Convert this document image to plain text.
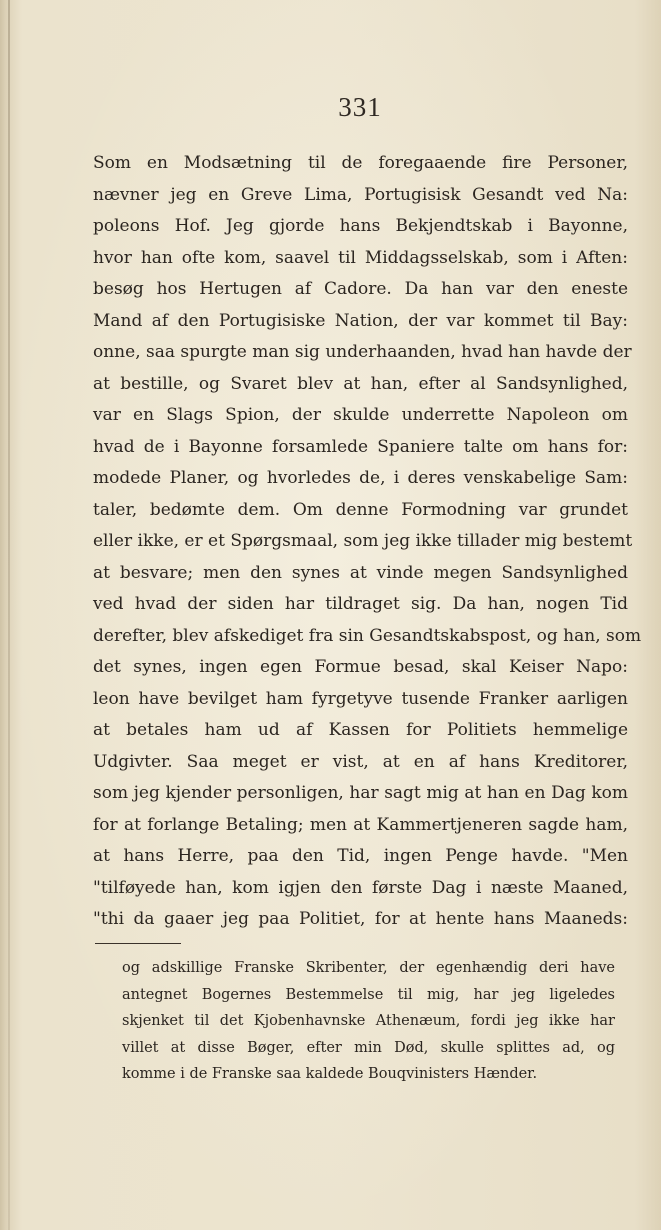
331
Som en Modsætning til de foregaaende fire Personer,
nævner jeg en Greve Lima, Portugisisk Gesandt ved Na:
poleons Hof. Jeg gjorde hans Bekjendtskab i Bayonne,
hvor han ofte kom, saavel til Middagsselskab, som i Aften:
besøg hos Hertugen af Cadore. Da han var den eneste
Mand af den Portugisiske Nation, der var kommet til Bay:
onne, saa spurgte man sig underhaanden, hvad han havde der
at bestille, og Svaret blev at han, efter al Sandsynlighed,
var en Slags Spion, der skulde underrette Napoleon om
hvad de i Bayonne forsamlede Spaniere talte om hans for:
modede Planer, og hvorledes de, i deres venskabelige Sam:
taler, bedømte dem. Om denne Formodning var grundet
eller ikke, er et Spørgsmaal, som jeg ikke tillader mig bestemt
at besvare; men den synes at vinde megen Sandsynlighed
ved hvad der siden har tildraget sig. Da han, nogen Tid
derefter, blev afskediget fra sin Gesandtskabspost, og han, som
det synes, ingen egen Formue besad, skal Keiser Napo:
leon have bevilget ham fyrgetyve tusende Franker aarligen
at betales ham ud af Kassen for Politiets hemmelige
Udgivter. Saa meget er vist, at en af hans Kreditorer,
som jeg kjender personligen, har sagt mig at han en Dag kom
for at forlange Betaling; men at Kammertjeneren sagde ham,
at hans Herre, paa den Tid, ingen Penge havde. "Men
"tilføyede han, kom igjen den første Dag i næste Maaned,
"thi da gaaer jeg paa Politiet, for at hente hans Maaneds:
og adskillige Franske Skribenter, der egenhændig deri have
antegnet Bogernes Bestemmelse til mig, har jeg ligeledes
skjenket til det Kjobenhavnske Athenæum, fordi jeg ikke har
villet at disse Bøger, efter min Død, skulle splittes ad, og
komme i de Franske saa kaldede Bouqvinisters Hænder.
